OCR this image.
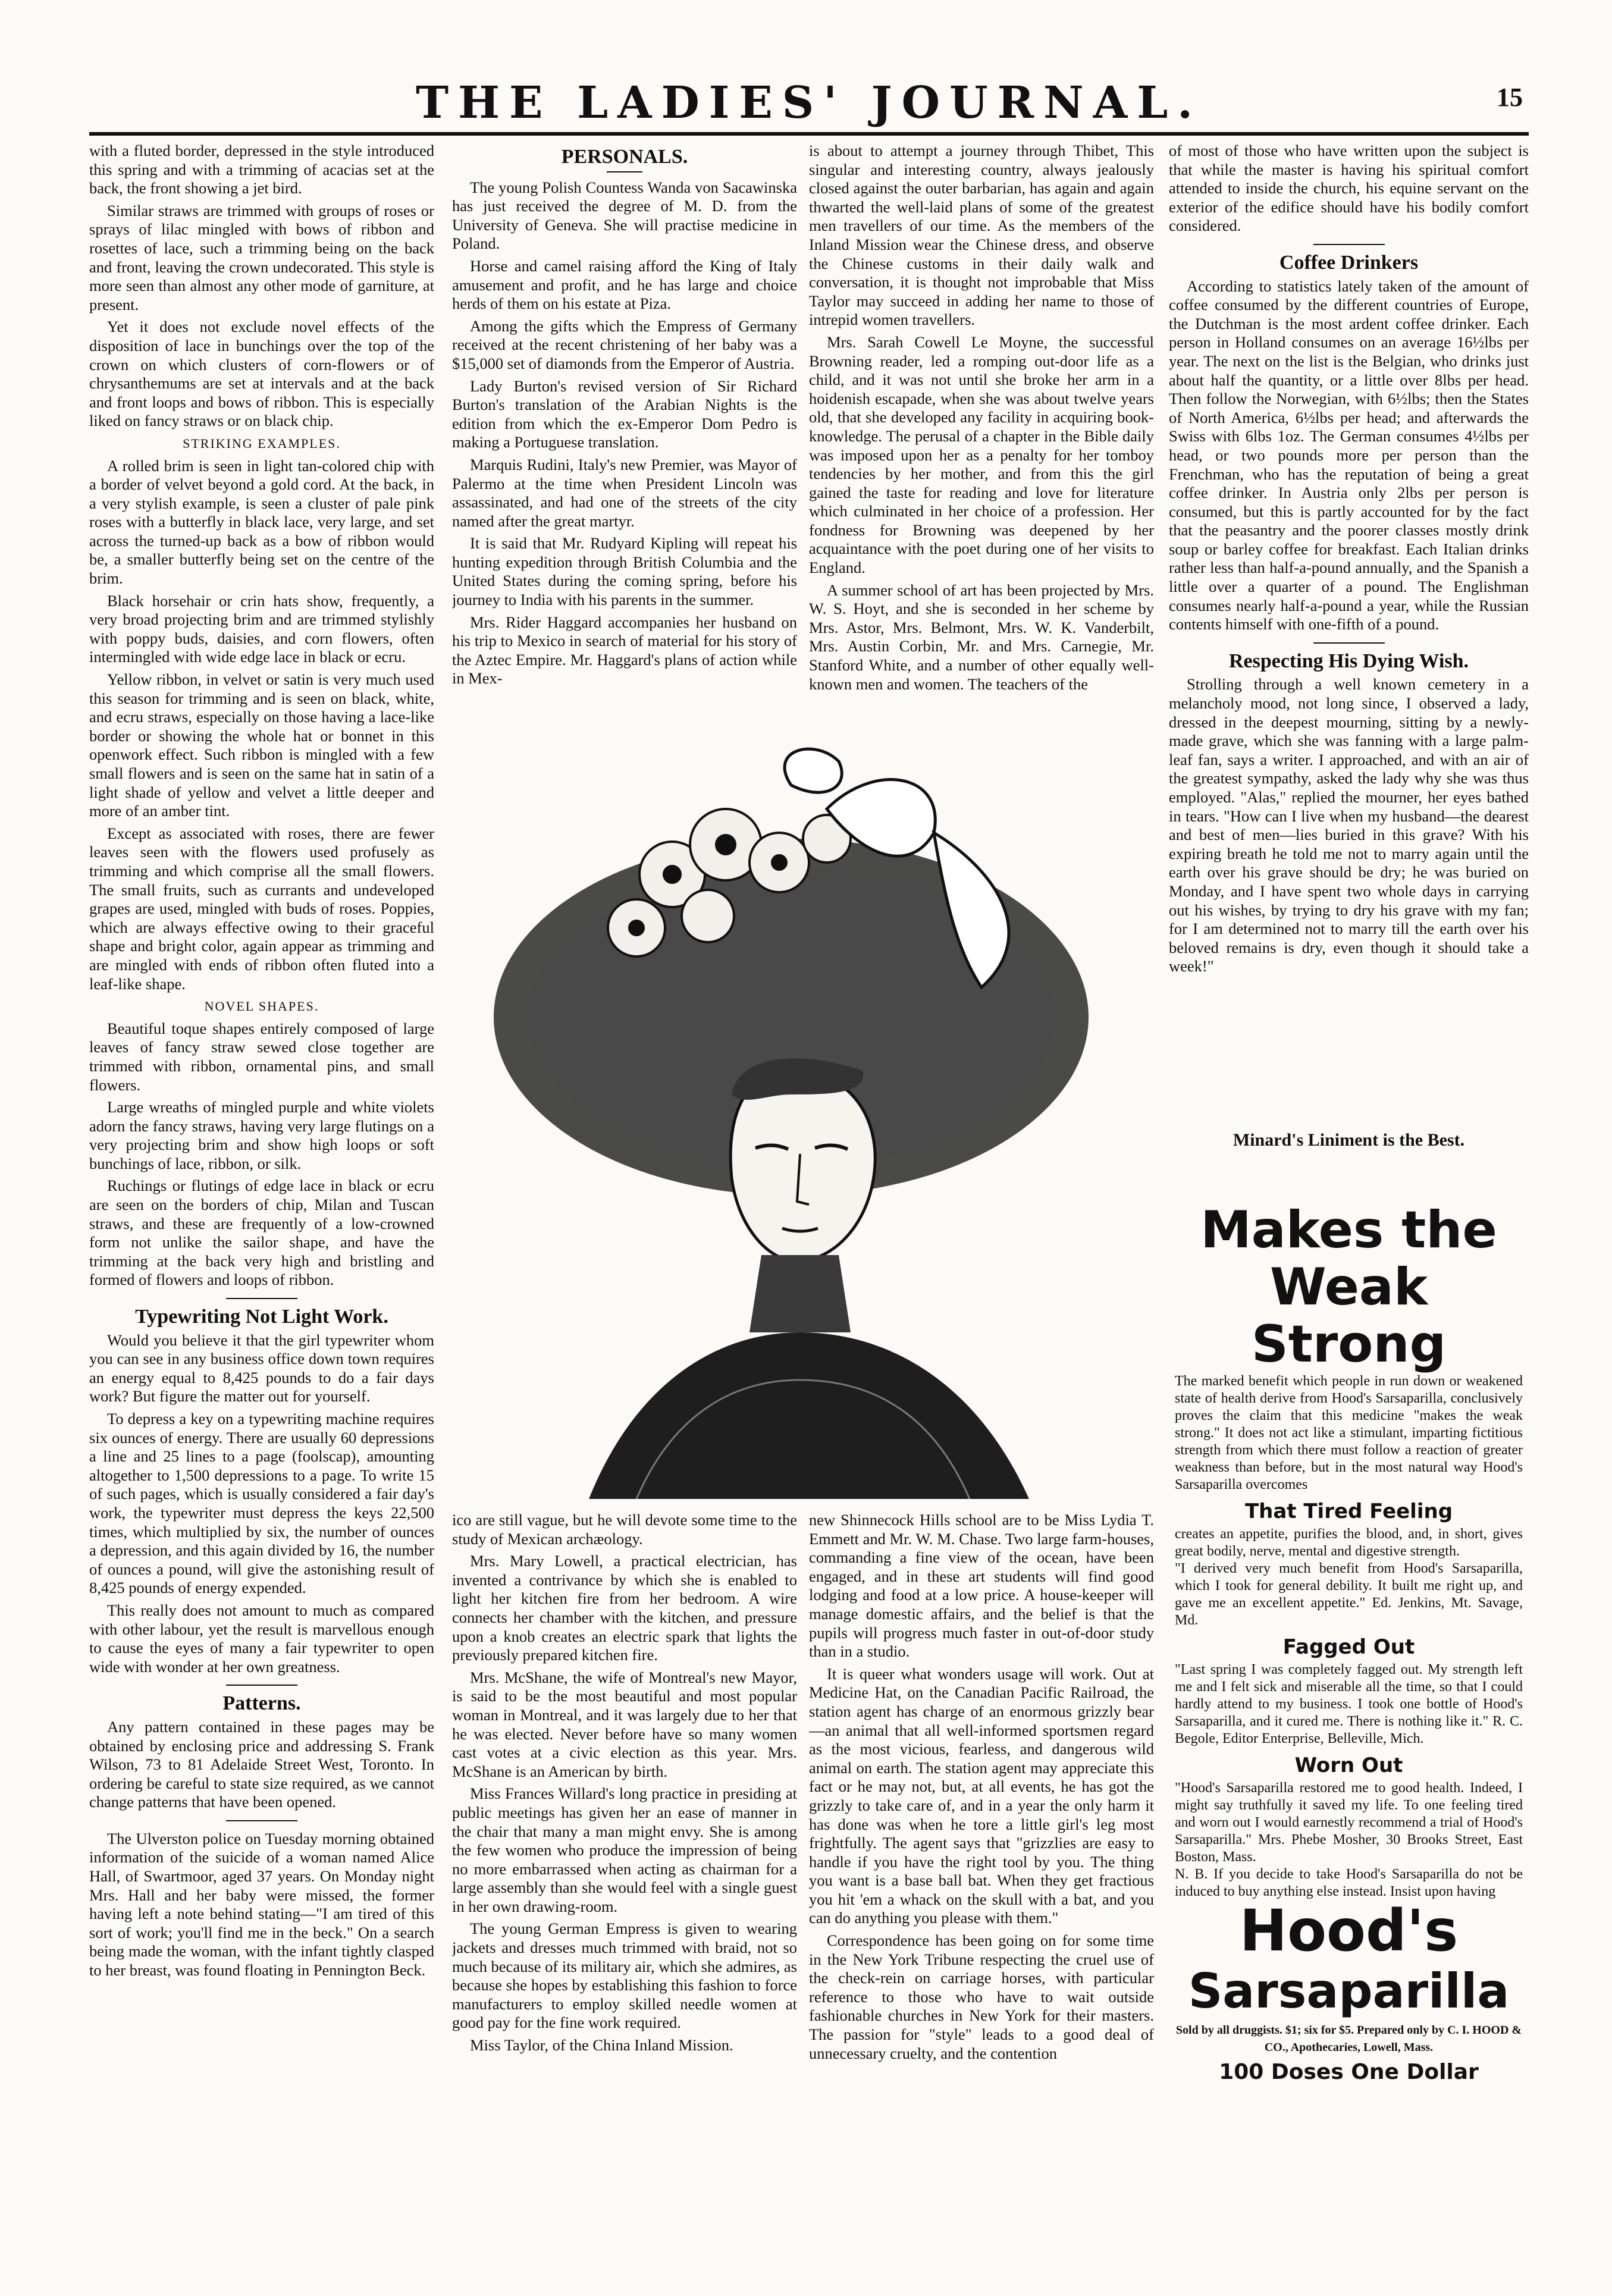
THE LADIES' JOURNAL.	15

with a fluted border, depressed in the style introduced this spring and with a trimming of acacias set at the back, the front showing a jet bird.

Similar straws are trimmed with groups of roses or sprays of lilac mingled with bows of ribbon and rosettes of lace, such a trimming being on the back and front, leaving the crown undecorated. This style is more seen than almost any other mode of garniture, at present.

Yet it does not exclude novel effects of the disposition of lace in bunchings over the top of the crown on which clusters of corn-flowers or of chrysanthemums are set at intervals and at the back and front loops and bows of ribbon. This is especially liked on fancy straws or on black chip.

STRIKING EXAMPLES.

A rolled brim is seen in light tan-colored chip with a border of velvet beyond a gold cord. At the back, in a very stylish example, is seen a cluster of pale pink roses with a butterfly in black lace, very large, and set across the turned-up back as a bow of ribbon would be, a smaller butterfly being set on the centre of the brim.

Black horsehair or crin hats show, frequently, a very broad projecting brim and are trimmed stylishly with poppy buds, daisies, and corn flowers, often intermingled with wide edge lace in black or ecru.

Yellow ribbon, in velvet or satin is very much used this season for trimming and is seen on black, white, and ecru straws, especially on those having a lace-like border or showing the whole hat or bonnet in this openwork effect. Such ribbon is mingled with a few small flowers and is seen on the same hat in satin of a light shade of yellow and velvet a little deeper and more of an amber tint.

Except as associated with roses, there are fewer leaves seen with the flowers used profusely as trimming and which comprise all the small flowers. The small fruits, such as currants and undeveloped grapes are used, mingled with buds of roses. Poppies, which are always effective owing to their graceful shape and bright color, again appear as trimming and are mingled with ends of ribbon often fluted into a leaf-like shape.

NOVEL SHAPES.

Beautiful toque shapes entirely composed of large leaves of fancy straw sewed close together are trimmed with ribbon, ornamental pins, and small flowers.

Large wreaths of mingled purple and white violets adorn the fancy straws, having very large flutings on a very projecting brim and show high loops or soft bunchings of lace, ribbon, or silk.

Ruchings or flutings of edge lace in black or ecru are seen on the borders of chip, Milan and Tuscan straws, and these are frequently of a low-crowned form not unlike the sailor shape, and have the trimming at the back very high and bristling and formed of flowers and loops of ribbon.

Typewriting Not Light Work.

Would you believe it that the girl typewriter whom you can see in any business office down town requires an energy equal to 8,425 pounds to do a fair days work? But figure the matter out for yourself.

To depress a key on a typewriting machine requires six ounces of energy. There are usually 60 depressions a line and 25 lines to a page (foolscap), amounting altogether to 1,500 depressions to a page. To write 15 of such pages, which is usually considered a fair day's work, the typewriter must depress the keys 22,500 times, which multiplied by six, the number of ounces a depression, and this again divided by 16, the number of ounces a pound, will give the astonishing result of 8,425 pounds of energy expended.

This really does not amount to much as compared with other labour, yet the result is marvellous enough to cause the eyes of many a fair typewriter to open wide with wonder at her own greatness.

Patterns.

Any pattern contained in these pages may be obtained by enclosing price and addressing S. Frank Wilson, 73 to 81 Adelaide Street West, Toronto. In ordering be careful to state size required, as we cannot change patterns that have been opened.

The Ulverston police on Tuesday morning obtained information of the suicide of a woman named Alice Hall, of Swartmoor, aged 37 years. On Monday night Mrs. Hall and her baby were missed, the former having left a note behind stating—"I am tired of this sort of work; you'll find me in the beck." On a search being made the woman, with the infant tightly clasped to her breast, was found floating in Pennington Beck.

PERSONALS.

The young Polish Countess Wanda von Sacawinska has just received the degree of M. D. from the University of Geneva. She will practise medicine in Poland.

Horse and camel raising afford the King of Italy amusement and profit, and he has large and choice herds of them on his estate at Piza.

Among the gifts which the Empress of Germany received at the recent christening of her baby was a $15,000 set of diamonds from the Emperor of Austria.

Lady Burton's revised version of Sir Richard Burton's translation of the Arabian Nights is the edition from which the ex-Emperor Dom Pedro is making a Portuguese translation.

Marquis Rudini, Italy's new Premier, was Mayor of Palermo at the time when President Lincoln was assassinated, and had one of the streets of the city named after the great martyr.

It is said that Mr. Rudyard Kipling will repeat his hunting expedition through British Columbia and the United States during the coming spring, before his journey to India with his parents in the summer.

Mrs. Rider Haggard accompanies her husband on his trip to Mexico in search of material for his story of the Aztec Empire. Mr. Haggard's plans of action while in Mex-

is about to attempt a journey through Thibet, This singular and interesting country, always jealously closed against the outer barbarian, has again and again thwarted the well-laid plans of some of the greatest men travellers of our time. As the members of the Inland Mission wear the Chinese dress, and observe the Chinese customs in their daily walk and conversation, it is thought not improbable that Miss Taylor may succeed in adding her name to those of intrepid women travellers.

Mrs. Sarah Cowell Le Moyne, the successful Browning reader, led a romping out-door life as a child, and it was not until she broke her arm in a hoidenish escapade, when she was about twelve years old, that she developed any facility in acquiring book-knowledge. The perusal of a chapter in the Bible daily was imposed upon her as a penalty for her tomboy tendencies by her mother, and from this the girl gained the taste for reading and love for literature which culminated in her choice of a profession. Her fondness for Browning was deepened by her acquaintance with the poet during one of her visits to England.

A summer school of art has been projected by Mrs. W. S. Hoyt, and she is seconded in her scheme by Mrs. Astor, Mrs. Belmont, Mrs. W. K. Vanderbilt, Mrs. Austin Corbin, Mr. and Mrs. Carnegie, Mr. Stanford White, and a number of other equally well-known men and women. The teachers of the

ico are still vague, but he will devote some time to the study of Mexican archæology.

Mrs. Mary Lowell, a practical electrician, has invented a contrivance by which she is enabled to light her kitchen fire from her bedroom. A wire connects her chamber with the kitchen, and pressure upon a knob creates an electric spark that lights the previously prepared kitchen fire.

Mrs. McShane, the wife of Montreal's new Mayor, is said to be the most beautiful and most popular woman in Montreal, and it was largely due to her that he was elected. Never before have so many women cast votes at a civic election as this year. Mrs. McShane is an American by birth.

Miss Frances Willard's long practice in presiding at public meetings has given her an ease of manner in the chair that many a man might envy. She is among the few women who produce the impression of being no more embarrassed when acting as chairman for a large assembly than she would feel with a single guest in her own drawing-room.

The young German Empress is given to wearing jackets and dresses much trimmed with braid, not so much because of its military air, which she admires, as because she hopes by establishing this fashion to force manufacturers to employ skilled needle women at good pay for the fine work required.

Miss Taylor, of the China Inland Mission.

new Shinnecock Hills school are to be Miss Lydia T. Emmett and Mr. W. M. Chase. Two large farm-houses, commanding a fine view of the ocean, have been engaged, and in these art students will find good lodging and food at a low price. A house-keeper will manage domestic affairs, and the belief is that the pupils will progress much faster in out-of-door study than in a studio.

It is queer what wonders usage will work. Out at Medicine Hat, on the Canadian Pacific Railroad, the station agent has charge of an enormous grizzly bear—an animal that all well-informed sportsmen regard as the most vicious, fearless, and dangerous wild animal on earth. The station agent may appreciate this fact or he may not, but, at all events, he has got the grizzly to take care of, and in a year the only harm it has done was when he tore a little girl's leg most frightfully. The agent says that "grizzlies are easy to handle if you have the right tool by you. The thing you want is a base ball bat. When they get fractious you hit 'em a whack on the skull with a bat, and you can do anything you please with them."

Correspondence has been going on for some time in the New York Tribune respecting the cruel use of the check-rein on carriage horses, with particular reference to those who have to wait outside fashionable churches in New York for their masters. The passion for "style" leads to a good deal of unnecessary cruelty, and the contention

of most of those who have written upon the subject is that while the master is having his spiritual comfort attended to inside the church, his equine servant on the exterior of the edifice should have his bodily comfort considered.

Coffee Drinkers

According to statistics lately taken of the amount of coffee consumed by the different countries of Europe, the Dutchman is the most ardent coffee drinker. Each person in Holland consumes on an average 16½lbs per year. The next on the list is the Belgian, who drinks just about half the quantity, or a little over 8lbs per head. Then follow the Norwegian, with 6½lbs; then the States of North America, 6½lbs per head; and afterwards the Swiss with 6lbs 1oz. The German consumes 4½lbs per head, or two pounds more per person than the Frenchman, who has the reputation of being a great coffee drinker. In Austria only 2lbs per person is consumed, but this is partly accounted for by the fact that the peasantry and the poorer classes mostly drink soup or barley coffee for breakfast. Each Italian drinks rather less than half-a-pound annually, and the Spanish a little over a quarter of a pound. The Englishman consumes nearly half-a-pound a year, while the Russian contents himself with one-fifth of a pound.

Respecting His Dying Wish.

Strolling through a well known cemetery in a melancholy mood, not long since, I observed a lady, dressed in the deepest mourning, sitting by a newly-made grave, which she was fanning with a large palm-leaf fan, says a writer. I approached, and with an air of the greatest sympathy, asked the lady why she was thus employed. "Alas," replied the mourner, her eyes bathed in tears. "How can I live when my husband—the dearest and best of men—lies buried in this grave? With his expiring breath he told me not to marry again until the earth over his grave should be dry; he was buried on Monday, and I have spent two whole days in carrying out his wishes, by trying to dry his grave with my fan; for I am determined not to marry till the earth over his beloved remains is dry, even though it should take a week!"

Minard's Liniment is the Best.
Makes the
Weak Strong

The marked benefit which people in run down or weakened state of health derive from Hood's Sarsaparilla, conclusively proves the claim that this medicine "makes the weak strong." It does not act like a stimulant, imparting fictitious strength from which there must follow a reaction of greater weakness than before, but in the most natural way Hood's Sarsaparilla overcomes

That Tired Feeling

creates an appetite, purifies the blood, and, in short, gives great bodily, nerve, mental and digestive strength.

"I derived very much benefit from Hood's Sarsaparilla, which I took for general debility. It built me right up, and gave me an excellent appetite." Ed. Jenkins, Mt. Savage, Md.

Fagged Out

"Last spring I was completely fagged out. My strength left me and I felt sick and miserable all the time, so that I could hardly attend to my business. I took one bottle of Hood's Sarsaparilla, and it cured me. There is nothing like it." R. C. Begole, Editor Enterprise, Belleville, Mich.

Worn Out

"Hood's Sarsaparilla restored me to good health. Indeed, I might say truthfully it saved my life. To one feeling tired and worn out I would earnestly recommend a trial of Hood's Sarsaparilla." Mrs. Phebe Mosher, 30 Brooks Street, East Boston, Mass.

N. B. If you decide to take Hood's Sarsaparilla do not be induced to buy anything else instead. Insist upon having

Hood's
Sarsaparilla

Sold by all druggists. $1; six for $5. Prepared only by C. I. HOOD & CO., Apothecaries, Lowell, Mass.

100 Doses One Dollar
